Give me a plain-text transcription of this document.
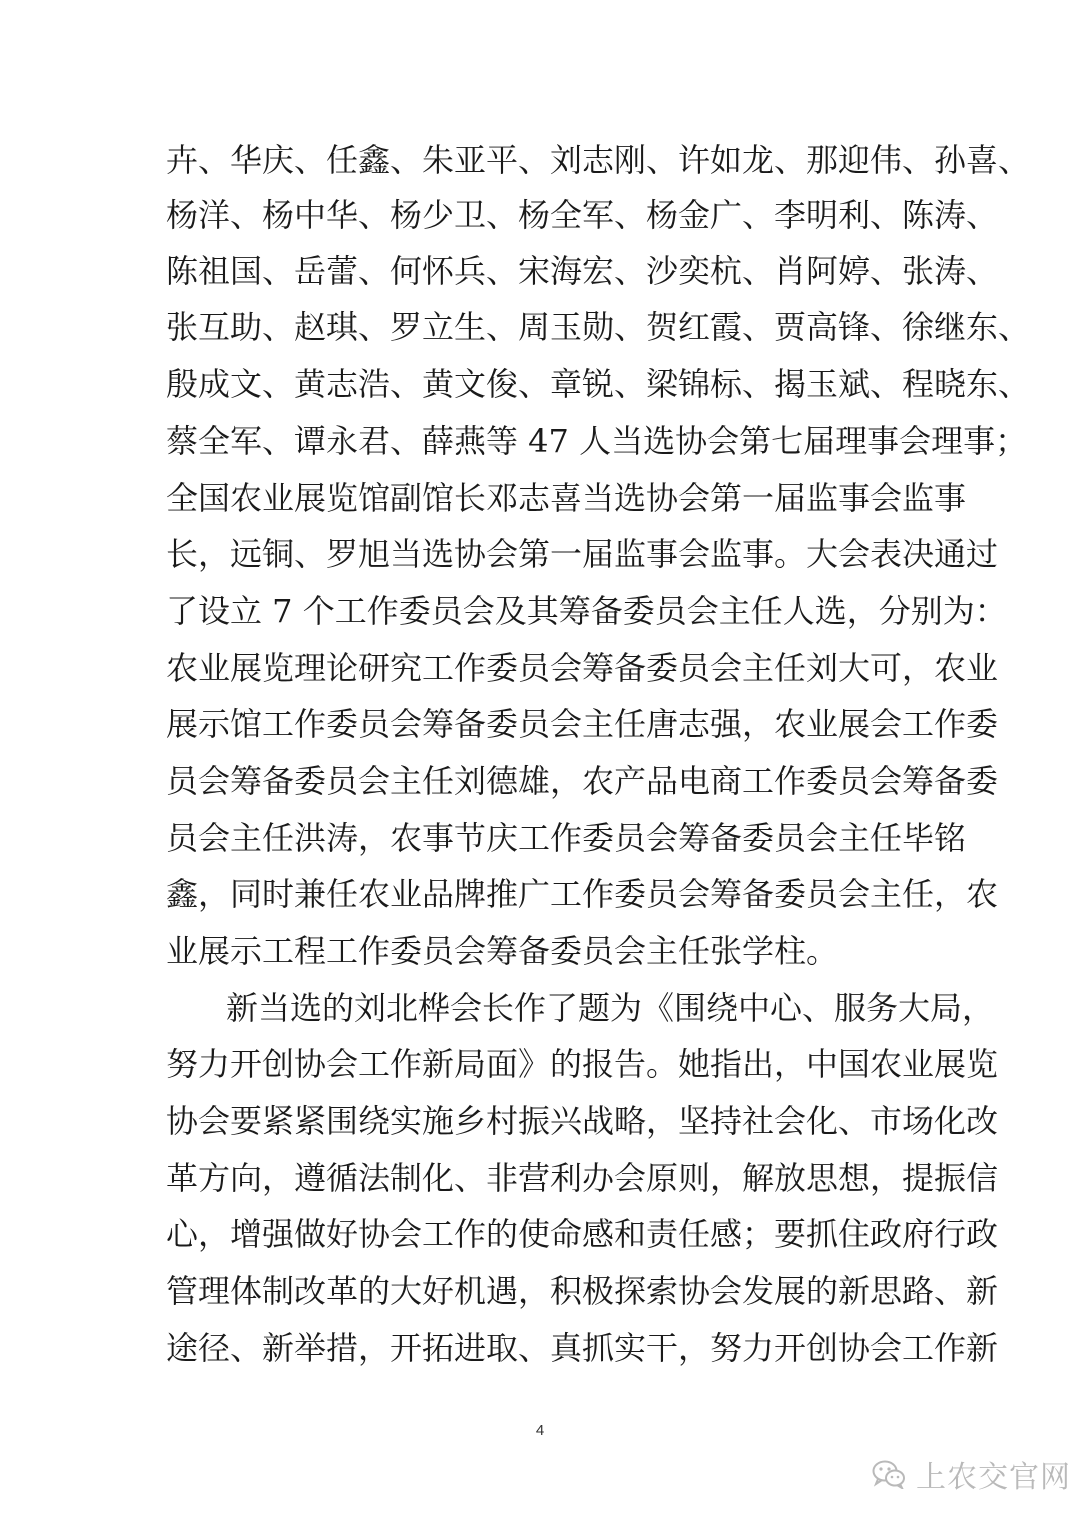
卉、华庆、任鑫、朱亚平、刘志刚、许如龙、那迎伟、孙喜、
杨洋、杨中华、杨少卫、杨全军、杨金广、李明利、陈涛、
陈祖国、岳蕾、何怀兵、宋海宏、沙奕杭、肖阿婷、张涛、
张互助、赵琪、罗立生、周玉勋、贺红霞、贾高锋、徐继东、
殷成文、黄志浩、黄文俊、章锐、梁锦标、揭玉斌、程晓东、
蔡全军、谭永君、薛燕等 47 人当选协会第七届理事会理事；
全国农业展览馆副馆长邓志喜当选协会第一届监事会监事
长，远铜、罗旭当选协会第一届监事会监事。大会表决通过
了设立 7 个工作委员会及其筹备委员会主任人选，分别为：
农业展览理论研究工作委员会筹备委员会主任刘大可，农业
展示馆工作委员会筹备委员会主任唐志强，农业展会工作委
员会筹备委员会主任刘德雄，农产品电商工作委员会筹备委
员会主任洪涛，农事节庆工作委员会筹备委员会主任毕铭
鑫，同时兼任农业品牌推广工作委员会筹备委员会主任，农
业展示工程工作委员会筹备委员会主任张学柱。
新当选的刘北桦会长作了题为《围绕中心、服务大局，
努力开创协会工作新局面》的报告。她指出，中国农业展览
协会要紧紧围绕实施乡村振兴战略，坚持社会化、市场化改
革方向，遵循法制化、非营利办会原则，解放思想，提振信
心，增强做好协会工作的使命感和责任感；要抓住政府行政
管理体制改革的大好机遇，积极探索协会发展的新思路、新
途径、新举措，开拓进取、真抓实干，努力开创协会工作新
4
上农交官网
